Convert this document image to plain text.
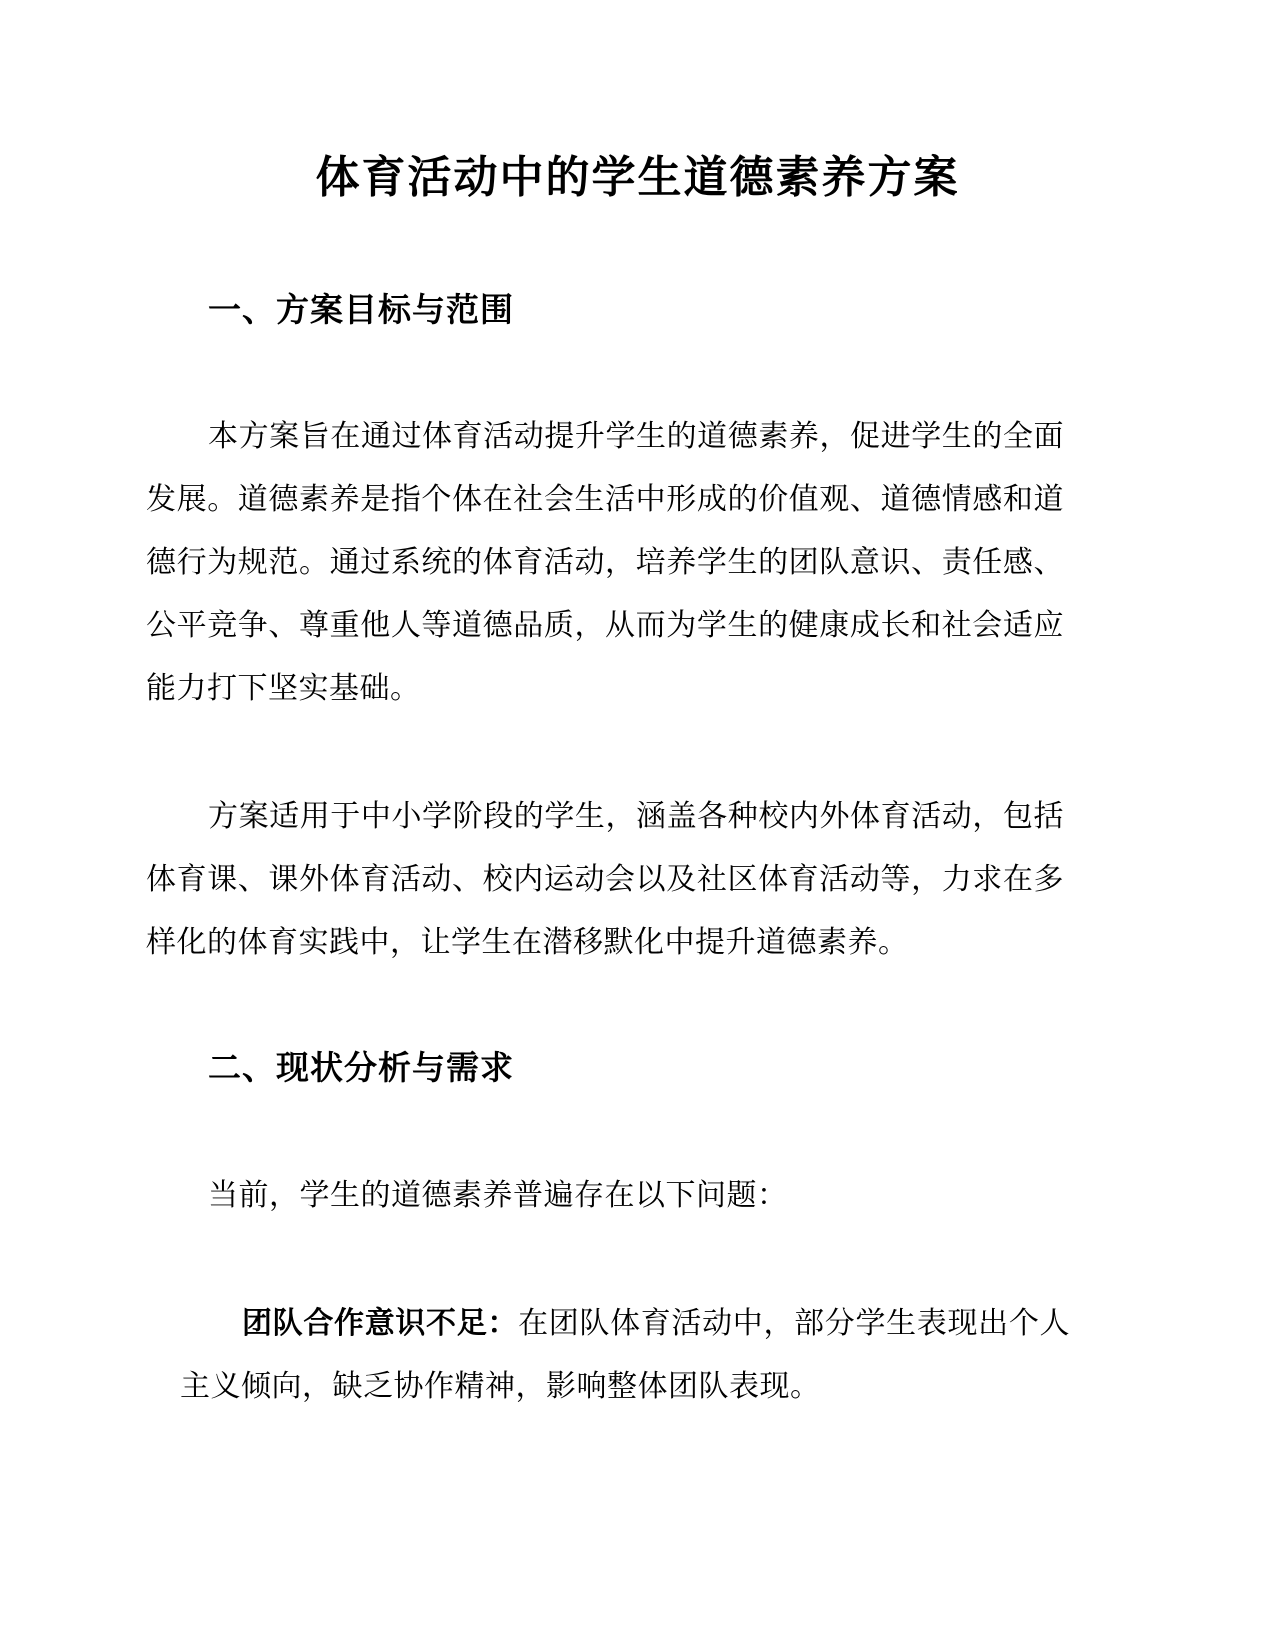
体育活动中的学生道德素养方案
一、方案目标与范围

本方案旨在通过体育活动提升学生的道德素养，促进学生的全面发展。道德素养是指个体在社会生活中形成的价值观、道德情感和道德行为规范。通过系统的体育活动，培养学生的团队意识、责任感、公平竞争、尊重他人等道德品质，从而为学生的健康成长和社会适应能力打下坚实基础。

方案适用于中小学阶段的学生，涵盖各种校内外体育活动，包括体育课、课外体育活动、校内运动会以及社区体育活动等，力求在多样化的体育实践中，让学生在潜移默化中提升道德素养。

二、现状分析与需求

当前，学生的道德素养普遍存在以下问题：

团队合作意识不足：在团队体育活动中，部分学生表现出个人主义倾向，缺乏协作精神，影响整体团队表现。
